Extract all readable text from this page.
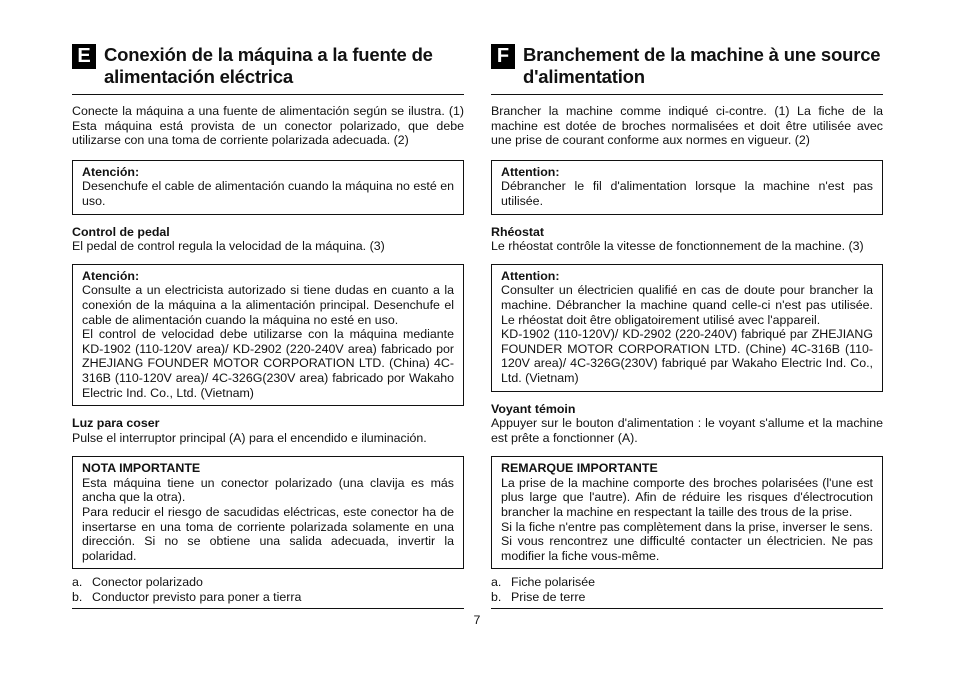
E Conexión de la máquina a la fuente de alimentación eléctrica

Conecte la máquina a una fuente de alimentación según se ilustra. (1) Esta máquina está provista de un conector polarizado, que debe utilizarse con una toma de corriente polarizada adecuada. (2)

Atención:

Desenchufe el cable de alimentación cuando la máquina no esté en uso.

Control de pedal

El pedal de control regula la velocidad de la máquina. (3)

Atención:

Consulte a un electricista autorizado si tiene dudas en cuanto a la conexión de la máquina a la alimentación principal. Desenchufe el cable de alimentación cuando la máquina no esté en uso.

El control de velocidad debe utilizarse con la máquina mediante KD-1902 (110-120V area)/ KD-2902 (220-240V area) fabricado por ZHEJIANG FOUNDER MOTOR CORPORATION LTD. (China) 4C-316B (110-120V area)/ 4C-326G(230V area) fabricado por Wakaho Electric Ind. Co., Ltd. (Vietnam)

Luz para coser

Pulse el interruptor principal (A) para el encendido e iluminación.

NOTA IMPORTANTE

Esta máquina tiene un conector polarizado (una clavija es más ancha que la otra).

Para reducir el riesgo de sacudidas eléctricas, este conector ha de insertarse en una toma de corriente polarizada solamente en una dirección. Si no se obtiene una salida adecuada, invertir la polaridad.

a. Conector polarizado
b. Conductor previsto para poner a tierra
F Branchement de la machine à une source d'alimentation

Brancher la machine comme indiqué ci-contre. (1) La fiche de la machine est dotée de broches normalisées et doit être utilisée avec une prise de courant conforme aux normes en vigueur. (2)

Attention:

Débrancher le fil d'alimentation lorsque la machine n'est pas utilisée.

Rhéostat

Le rhéostat contrôle la vitesse de fonctionnement de la machine. (3)

Attention:

Consulter un électricien qualifié en cas de doute pour brancher la machine. Débrancher la machine quand celle-ci n'est pas utilisée. Le rhéostat doit être obligatoirement utilisé avec l'appareil.

KD-1902 (110-120V)/ KD-2902 (220-240V) fabriqué par ZHEJIANG FOUNDER MOTOR CORPORATION LTD. (Chine) 4C-316B (110-120V area)/ 4C-326G(230V) fabriqué par Wakaho Electric Ind. Co., Ltd. (Vietnam)

Voyant témoin

Appuyer sur le bouton d'alimentation : le voyant s'allume et la machine est prête a fonctionner (A).

REMARQUE IMPORTANTE

La prise de la machine comporte des broches polarisées (l'une est plus large que l'autre). Afin de réduire les risques d'électrocution brancher la machine en respectant la taille des trous de la prise.

Si la fiche n'entre pas complètement dans la prise, inverser le sens. Si vous rencontrez une difficulté contacter un électricien. Ne pas modifier la fiche vous-même.

a. Fiche polarisée
b. Prise de terre
7
